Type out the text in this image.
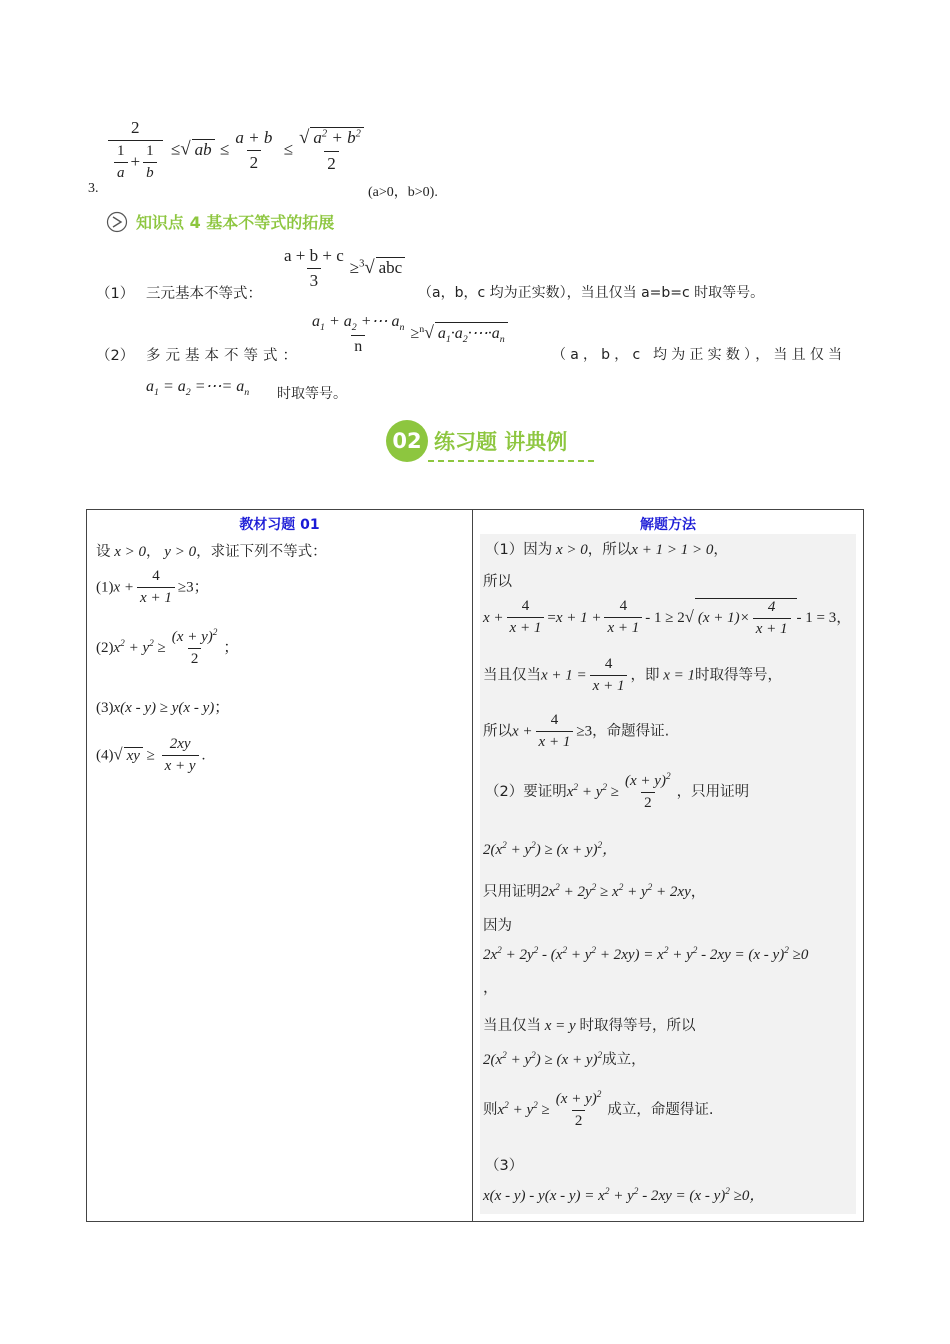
$\frac{2}{\frac{1}{a} + \frac{1}{b}}$ ≤√ ab ≤ $\frac{a + b}{2} \le \frac{√ a^2 + b^2}{2}$
3.	(a>0，b>0).
知识点 4 基本不等式的拓展
（1） 三元基本不等式：
$\frac{a + b + c}{3} \ge^3√$ abc
（a，b，c 均为正实数），当且仅当 a=b=c 时取等号。
（2） 多元基本不等式： $\frac{a_1 + a_2 +\cdots a_n}{n} \ge^n√$ $a_1\cdot a_2\cdot\cdots\cdot a_n$
（a，b，c 均为正实数），当且仅当
$a_1 = a_2$ =⋯= $a_n$ 时取等号。
02 练习题 讲典例
教材习题 01
设 x > 0， y > 0，求证下列不等式：
$(1)x + \frac{4}{x + 1} \ge 3$；
$(2)x^2 + y^2 \ge \frac{(x + y)^2}{2}$ ；
(3)x(x - y) ≥ y(x - y)；
(4)√ xy ≥ $\frac{2xy}{x + y}$ .

解题方法
（1）因为 x > 0，所以x + 1 > 1 > 0，
所以
$x + \frac{4}{x + 1} =x + 1 + \frac{4}{x + 1} - 1 \ge 2√$ $(x + 1)\times \frac{4}{x + 1} - 1 = 3$，
当且仅当$x + 1 = \frac{4}{x + 1}$ ，即 x = 1时取得等号，
所以$x + \frac{4}{x + 1} \ge 3$，命题得证.
（2）要证明$x^2 + y^2 \ge \frac{(x + y)^2}{2}$ ，只用证明
$2(x^2 + y^2) \ge (x + y)^2$，
只用证明$2x^2 + 2y^2 \ge x^2 + y^2 + 2xy$，
因为
$2x^2 + 2y^2 - (x^2 + y^2 + 2xy) = x^2 + y^2 - 2xy = (x - y)^2 \ge 0$
，
当且仅当 x = y 时取得等号，所以
$2(x^2 + y^2) \ge (x + y)^2$成立，
则$x^2 + y^2 \ge \frac{(x + y)^2}{2}$ 成立，命题得证.
（3）
$x(x - y) - y(x - y) = x^2 + y^2 - 2xy = (x - y)^2 \ge 0$，
